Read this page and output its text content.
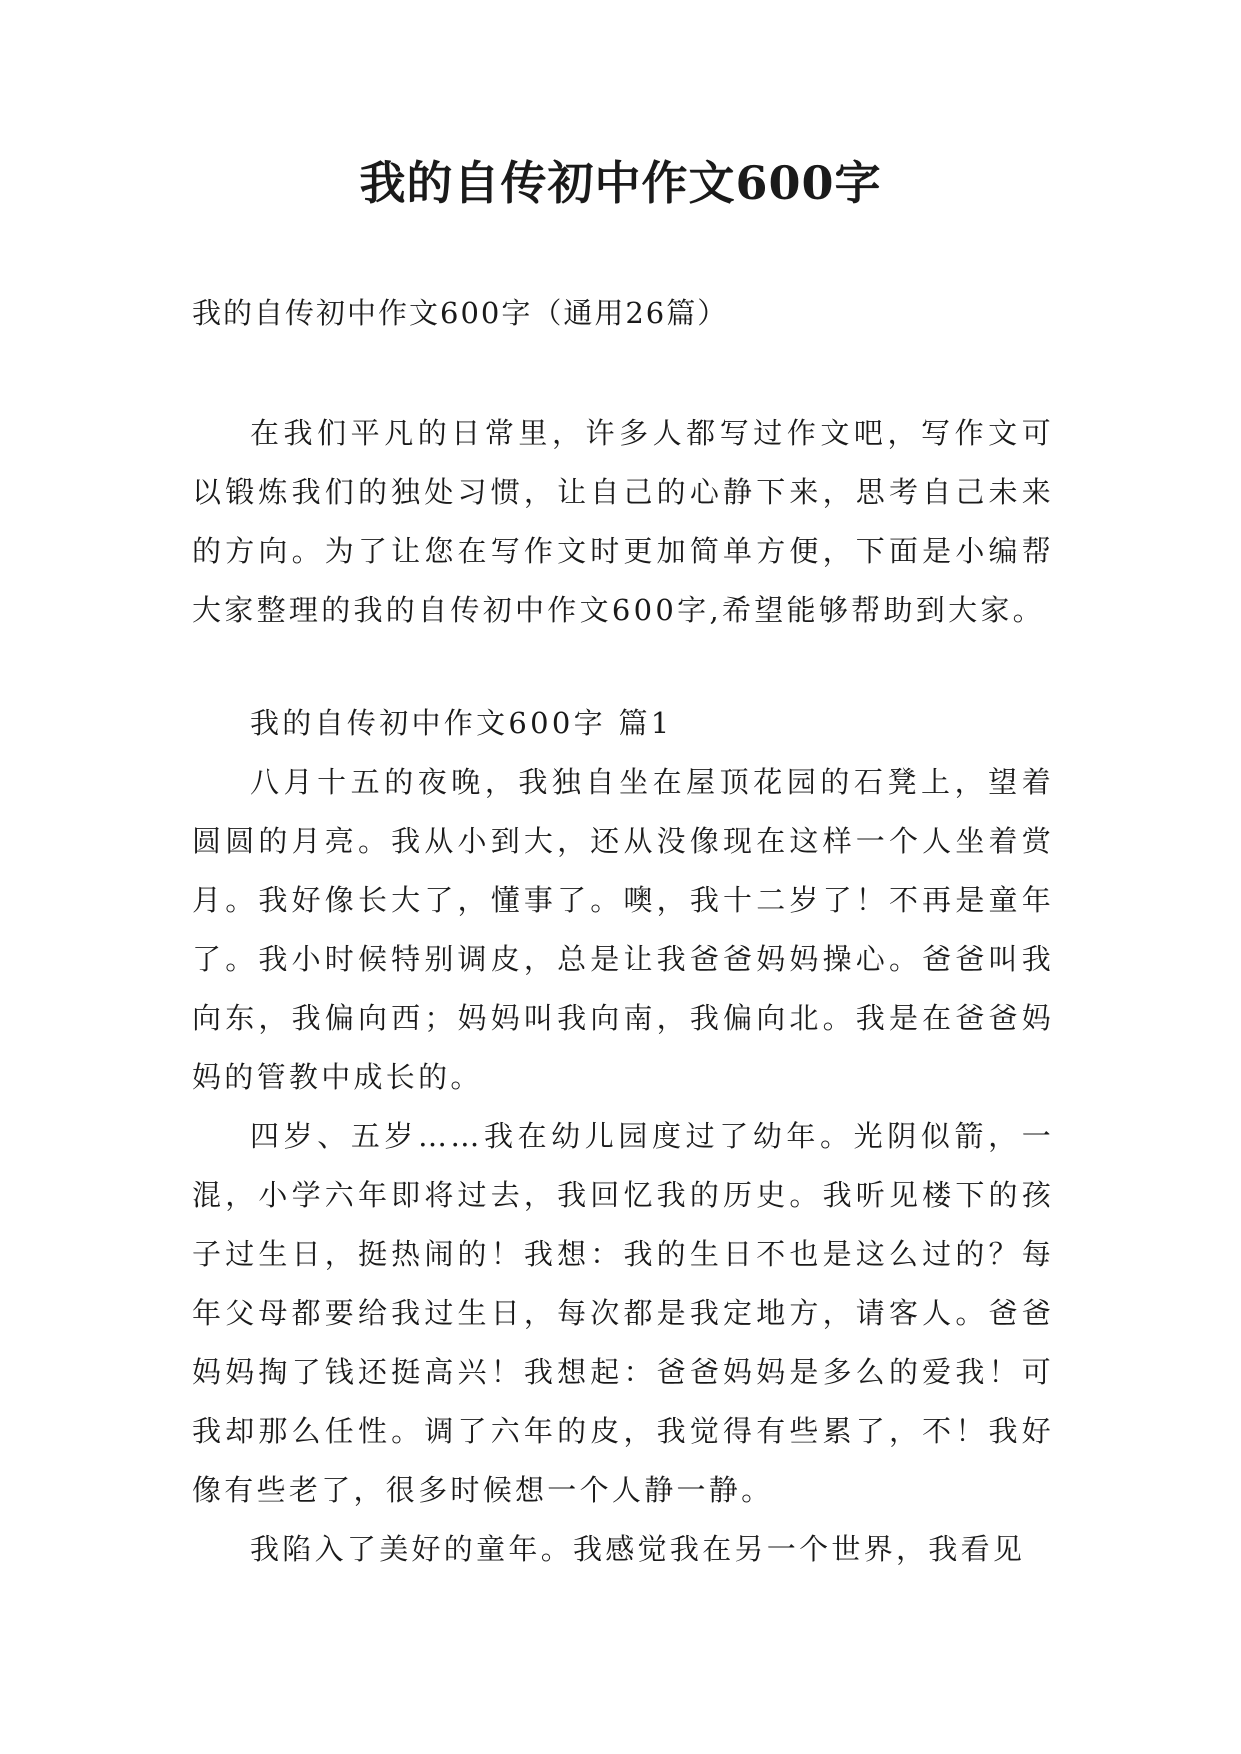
我的自传初中作文600字

我的自传初中作文600字（通用26篇）

在我们平凡的日常里，许多人都写过作文吧，写作文可以锻炼我们的独处习惯，让自己的心静下来，思考自己未来的方向。为了让您在写作文时更加简单方便，下面是小编帮大家整理的我的自传初中作文600字,希望能够帮助到大家。

我的自传初中作文600字 篇1

八月十五的夜晚，我独自坐在屋顶花园的石凳上，望着圆圆的月亮。我从小到大，还从没像现在这样一个人坐着赏月。我好像长大了，懂事了。噢，我十二岁了！不再是童年了。我小时候特别调皮，总是让我爸爸妈妈操心。爸爸叫我向东，我偏向西；妈妈叫我向南，我偏向北。我是在爸爸妈妈的管教中成长的。

四岁、五岁……我在幼儿园度过了幼年。光阴似箭，一混，小学六年即将过去，我回忆我的历史。我听见楼下的孩子过生日，挺热闹的！我想：我的生日不也是这么过的？每年父母都要给我过生日，每次都是我定地方，请客人。爸爸妈妈掏了钱还挺高兴！我想起：爸爸妈妈是多么的爱我！可我却那么任性。调了六年的皮，我觉得有些累了，不！我好像有些老了，很多时候想一个人静一静。

我陷入了美好的童年。我感觉我在另一个世界，我看见
